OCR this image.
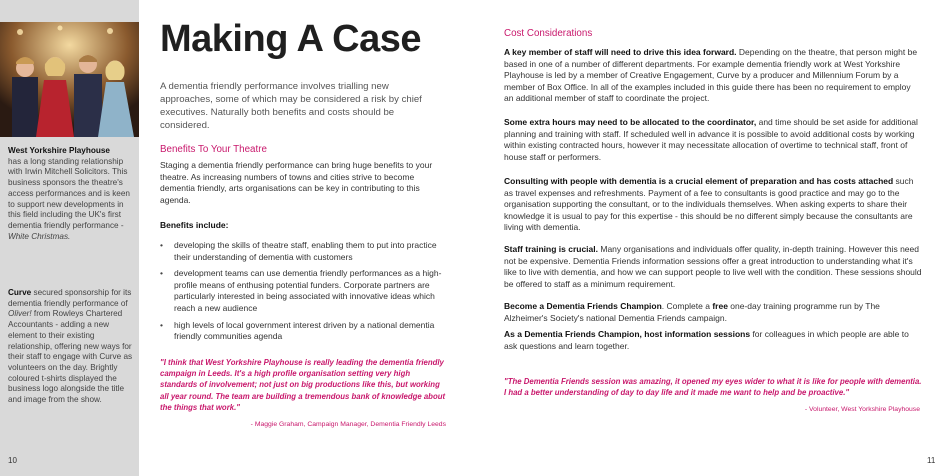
West Yorkshire Playhouse
has a long standing relationship with Irwin Mitchell Solicitors. This business sponsors the theatre's access performances and is keen to support new developments in this field including the UK's first dementia friendly performance - White Christmas.

Curve secured sponsorship for its dementia friendly performance of Oliver! from Rowleys Chartered Accountants - adding a new element to their existing relationship, offering new ways for their staff to engage with Curve as volunteers on the day. Brightly coloured t-shirts displayed the business logo alongside the title and image from the show.

10
Making A Case

A dementia friendly performance involves trialling new approaches, some of which may be considered a risk by chief executives. Naturally both benefits and costs should be considered.

Benefits To Your Theatre

Staging a dementia friendly performance can bring huge benefits to your theatre. As increasing numbers of towns and cities strive to become dementia friendly, arts organisations can be key in contributing to this agenda.

Benefits include:

• developing the skills of theatre staff, enabling them to put into practice their understanding of dementia with customers
• development teams can use dementia friendly performances as a high-profile means of enthusing potential funders. Corporate partners are particularly interested in being associated with innovative ideas which reach a new audience
• high levels of local government interest driven by a national dementia friendly communities agenda

"I think that West Yorkshire Playhouse is really leading the dementia friendly campaign in Leeds. It's a high profile organisation setting very high standards of involvement; not just on big productions like this, but working all year round. The team are building a tremendous bank of knowledge about the things that work."

- Maggie Graham, Campaign Manager, Dementia Friendly Leeds
Cost Considerations

A key member of staff will need to drive this idea forward. Depending on the theatre, that person might be based in one of a number of different departments. For example dementia friendly work at West Yorkshire Playhouse is led by a member of Creative Engagement, Curve by a producer and Millennium Forum by a member of Box Office. In all of the examples included in this guide there has been no requirement to employ an additional member of staff to coordinate the project.

Some extra hours may need to be allocated to the coordinator, and time should be set aside for additional planning and training with staff. If scheduled well in advance it is possible to avoid additional costs by working within existing contracted hours, however it may necessitate allocation of overtime to technical staff, front of house staff or performers.

Consulting with people with dementia is a crucial element of preparation and has costs attached such as travel expenses and refreshments. Payment of a fee to consultants is good practice and may go to the organisation supporting the consultant, or to the individuals themselves. When asking experts to share their knowledge it is usual to pay for this expertise - this should be no different simply because the consultants are living with dementia.

Staff training is crucial. Many organisations and individuals offer quality, in-depth training. However this need not be expensive. Dementia Friends information sessions offer a great introduction to understanding what it's like to live with dementia, and how we can support people to live well with the condition. These sessions should be offered to staff as a minimum requirement.

Become a Dementia Friends Champion. Complete a free one-day training programme run by The Alzheimer's Society's national Dementia Friends campaign.

As a Dementia Friends Champion, host information sessions for colleagues in which people are able to ask questions and learn together.

"The Dementia Friends session was amazing, it opened my eyes wider to what it is like for people with dementia. I had a better understanding of day to day life and it made me want to help and be proactive."

- Volunteer, West Yorkshire Playhouse
11
